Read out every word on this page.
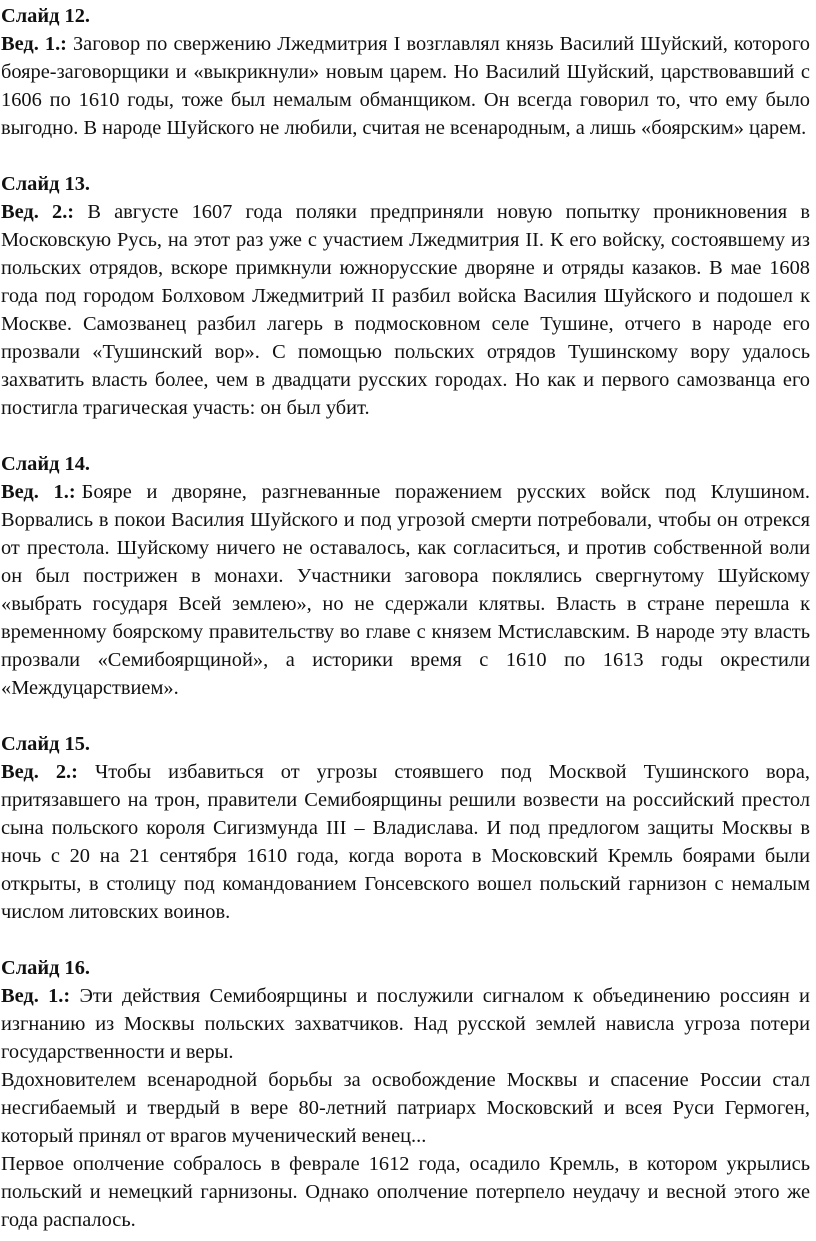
Слайд 12.

Вед. 1.: Заговор по свержению Лжедмитрия I возглавлял князь Василий Шуйский, которого бояре-заговорщики и «выкрикнули» новым царем. Но Василий Шуйский, царствовавший с 1606 по 1610 годы, тоже был немалым обманщиком. Он всегда говорил то, что ему было выгодно. В народе Шуйского не любили, считая не всенародным, а лишь «боярским» царем.

Слайд 13.

Вед. 2.: В августе 1607 года поляки предприняли новую попытку проникновения в Московскую Русь, на этот раз уже с участием Лжедмитрия II. К его войску, состоявшему из польских отрядов, вскоре примкнули южнорусские дворяне и отряды казаков. В мае 1608 года под городом Болховом Лжедмитрий II разбил войска Василия Шуйского и подошел к Москве. Самозванец разбил лагерь в подмосковном селе Тушине, отчего в народе его прозвали «Тушинский вор». С помощью польских отрядов Тушинскому вору удалось захватить власть более, чем в двадцати русских городах. Но как и первого самозванца его постигла трагическая участь: он был убит.

Слайд 14.

Вед. 1.: Бояре и дворяне, разгневанные поражением русских войск под Клушином. Ворвались в покои Василия Шуйского и под угрозой смерти потребовали, чтобы он отрекся от престола. Шуйскому ничего не оставалось, как согласиться, и против собственной воли он был пострижен в монахи. Участники заговора поклялись свергнутому Шуйскому «выбрать государя Всей землею», но не сдержали клятвы. Власть в стране перешла к временному боярскому правительству во главе с князем Мстиславским. В народе эту власть прозвали «Семибоярщиной», а историки время с 1610 по 1613 годы окрестили «Междуцарствием».

Слайд 15.

Вед. 2.: Чтобы избавиться от угрозы стоявшего под Москвой Тушинского вора, притязавшего на трон, правители Семибоярщины решили возвести на российский престол сына польского короля Сигизмунда III – Владислава. И под предлогом защиты Москвы в ночь с 20 на 21 сентября 1610 года, когда ворота в Московский Кремль боярами были открыты, в столицу под командованием Гонсевского вошел польский гарнизон с немалым числом литовских воинов.

Слайд 16.

Вед. 1.: Эти действия Семибоярщины и послужили сигналом к объединению россиян и изгнанию из Москвы польских захватчиков. Над русской землей нависла угроза потери государственности и веры.

Вдохновителем всенародной борьбы за освобождение Москвы и спасение России стал несгибаемый и твердый в вере 80-летний патриарх Московский и всея Руси Гермоген, который принял от врагов мученический венец...

Первое ополчение собралось в феврале 1612 года, осадило Кремль, в котором укрылись польский и немецкий гарнизоны. Однако ополчение потерпело неудачу и весной этого же года распалось.
